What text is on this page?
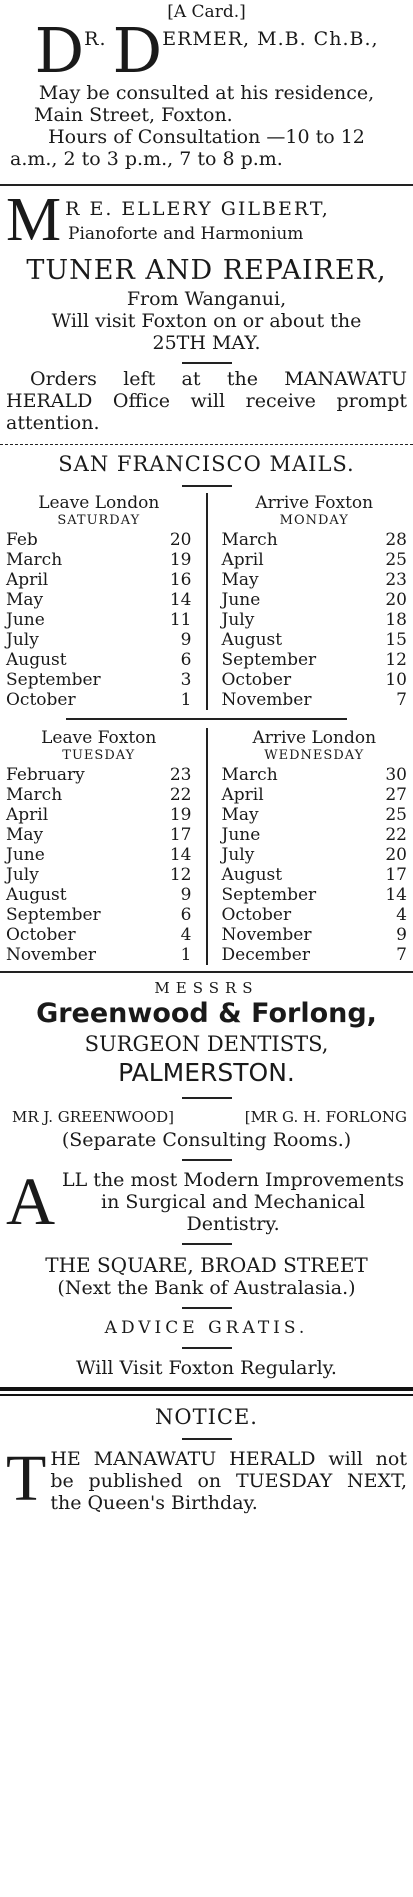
[A Card.]
D R. D ERMER, M.B. Ch.B.,
May be consulted at his residence,
Main Street, Foxton.
Hours of Consultation —10 to 12
a.m., 2 to 3 p.m., 7 to 8 p.m.
M R E. ELLERY GILBERT,
Pianoforte and Harmonium
TUNER AND REPAIRER,
From Wanganui,
Will visit Foxton on or about the
25TH MAY.
Orders left at the MANAWATU HERALD Office will receive prompt attention.
SAN FRANCISCO MAILS.
Leave London
SATURDAY
Feb	20
March	19
April	16
May	14
June	11
July	9
August	6
September	3
October	1
Arrive Foxton
MONDAY
March	28
April	25
May	23
June	20
July	18
August	15
September	12
October	10
November	7
Leave Foxton
TUESDAY
February	23
March	22
April	19
May	17
June	14
July	12
August	9
September	6
October	4
November	1
Arrive London
WEDNESDAY
March	30
April	27
May	25
June	22
July	20
August	17
September	14
October	4
November	9
December	7
MESSRS
Greenwood & Forlong,
SURGEON DENTISTS,
PALMERSTON.
MR J. GREENWOOD]	[MR G. H. FORLONG
(Separate Consulting Rooms.)
A LL the most Modern Improvements in Surgical and Mechanical Dentistry.
THE SQUARE, BROAD STREET
(Next the Bank of Australasia.)
ADVICE GRATIS.
Will Visit Foxton Regularly.
NOTICE.
T HE MANAWATU HERALD will not be published on TUESDAY NEXT, the Queen's Birthday.
